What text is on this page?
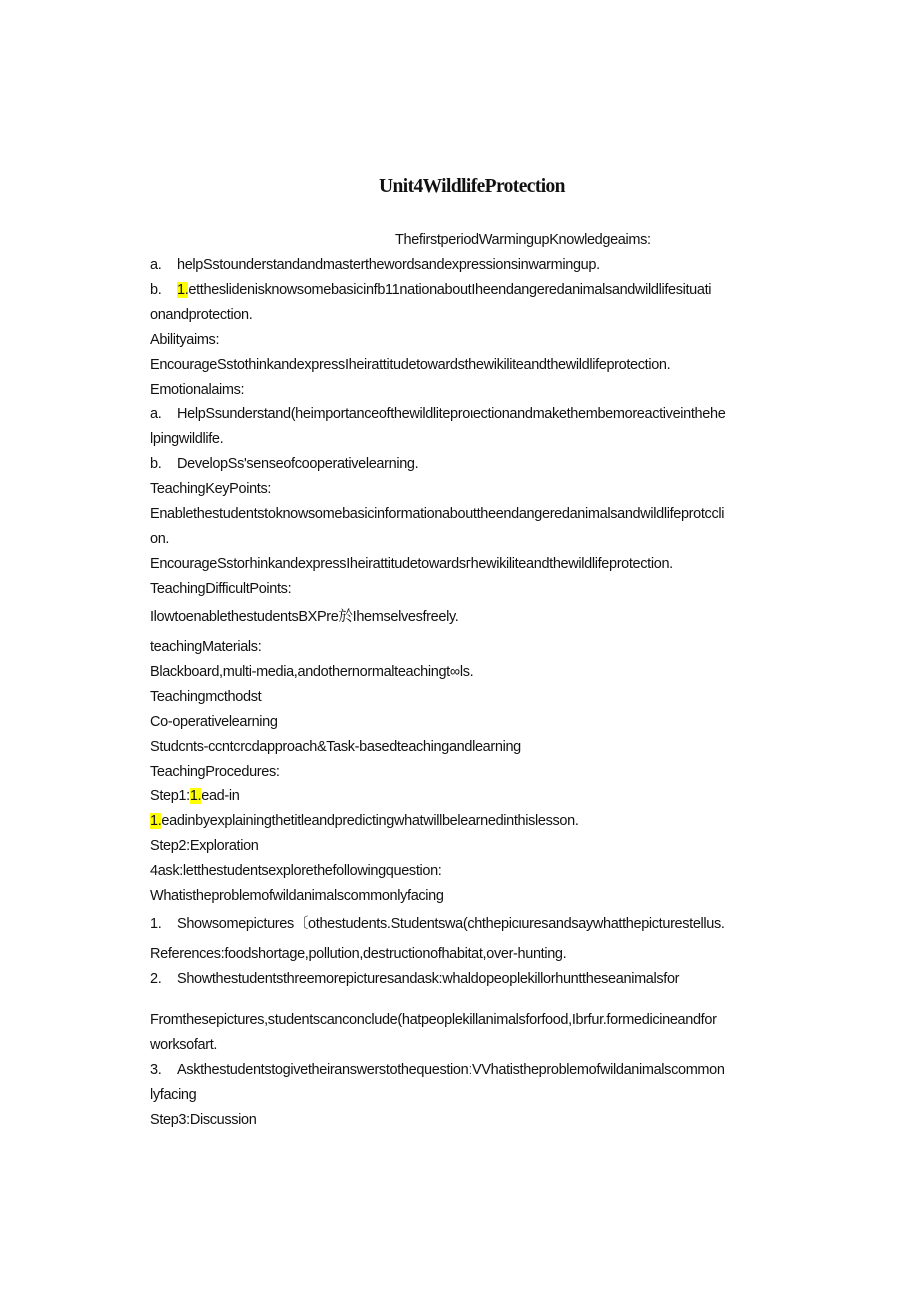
Unit4WildlifeProtection
ThefirstperiodWarmingupKnowledgeaims:
a. helpSstounderstandandmasterthewordsandexpressionsinwarmingup.
b. 1.ettheslidenisknowsomebasicinfb11nationaboutIheendangeredanimalsandwildlifesituati
onandprotection.
Abilityaims:
EncourageSstothinkandexpressIheirattitudetowardsthewikiliteandthewildlifeprotection.
Emotionalaims:
a. HelpSsunderstand(heimportanceofthewildliteproιectionandmakethembemoreactiveinthehe
lpingwildlife.
b. DevelopSs'senseofcooperativelearning.
TeachingKeyPoints:
Enablethestudentstoknowsomebasicinformationabouttheendangeredanimalsandwildlifeprotccli
on.
EncourageSstoгhinkandexpressIheirattitudetowardsгhewikiliteandthewildlifeprotection.
TeachingDifficultPoints:
IlowtoenablethestudentsBXPre於Ihemselvesfreely.
teachingMaterials:
Blackboard,multi-media,andothernormalteachingt∞ls.
Teachingmcthodst
Co-operativelearning
Studcnts-ccntcrcdapproach&Task-basedteachingandlearning
TeachingProcedures:
Step1:1.ead-in
1.eadinbyexplainingthetitleandpredictingwhatwillbelearnedinthislesson.
Step2:Exploration
4ask:letthestudentsexplorethefollowingquestion:
Whatistheproblemofwildanimalscommonlyfacing
1. Showsomepictures〔othestudents.Studentswa(chthepicιuresandsaywhatthepicturestellus.
References:foodshortage,pollution,destructionofhabitat,over-hunting.
2. Showthestudentsthreemorepicturesandask:whaldopeoplekillorhunttheseanimalsfor
Fromthesepictures,studentscanconclude(hatpeoplekillanimalsforfood,Ibrfur.formedicineandfor
worksofart.
3. AskthestudentstogivetheiranswerstothequestionːVVhatistheproblemofwildanimalscommon
lyfacing
Step3:Discussion
